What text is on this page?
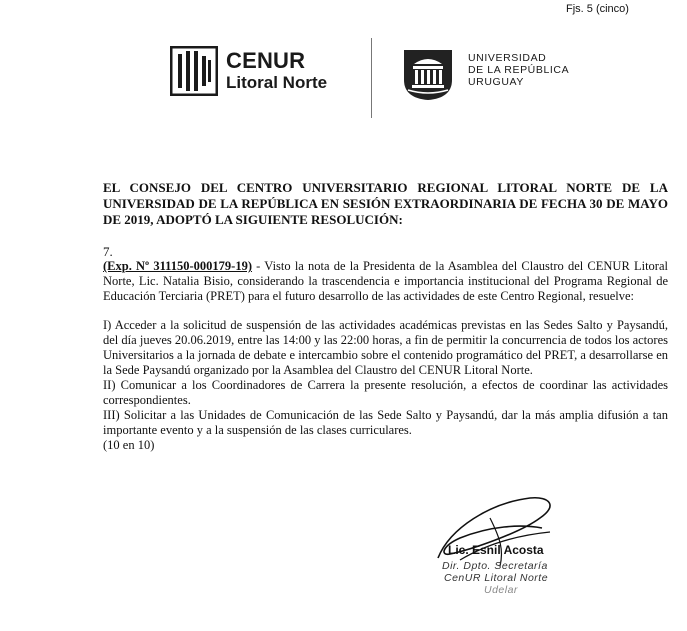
Fjs. 5 (cinco)
CENUR
Litoral Norte
UNIVERSIDAD
DE LA REPÚBLICA
URUGUAY
EL CONSEJO DEL CENTRO UNIVERSITARIO REGIONAL LITORAL NORTE DE LA UNIVERSIDAD DE LA REPÚBLICA EN SESIÓN EXTRAORDINARIA DE FECHA 30 DE MAYO DE 2019, ADOPTÓ LA SIGUIENTE RESOLUCIÓN:
7.

(Exp. Nº 311150-000179-19) - Visto la nota de la Presidenta de la Asamblea del Claustro del CENUR Litoral Norte, Lic. Natalia Bisio, considerando la trascendencia e importancia institucional del Programa Regional de Educación Terciaria (PRET) para el futuro desarrollo de las actividades de este Centro Regional, resuelve:

I) Acceder a la solicitud de suspensión de las actividades académicas previstas en las Sedes Salto y Paysandú, del día jueves 20.06.2019, entre las 14:00 y las 22:00 horas, a fin de permitir la concurrencia de todos los actores Universitarios a la jornada de debate e intercambio sobre el contenido programático del PRET, a desarrollarse en la Sede Paysandú organizado por la Asamblea del Claustro del CENUR Litoral Norte.

II) Comunicar a los Coordinadores de Carrera la presente resolución, a efectos de coordinar las actividades correspondientes.

III) Solicitar a las Unidades de Comunicación de las Sede Salto y Paysandú, dar la más amplia difusión a tan importante evento y a la suspensión de las clases curriculares.

(10 en 10)

Lic. Esnil Acosta
Dir. Dpto. Secretaría
CenUR Litoral Norte
Udelar
